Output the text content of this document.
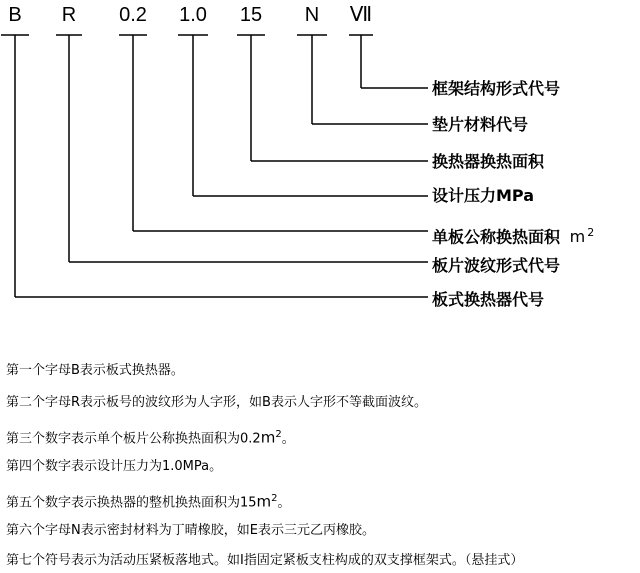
B R 0.2 1.0 15 N Ⅶ
框架结构形式代号
垫片材料代号
换热器换热面积
设计压力MPa
单板公称换热面积 m $^2$
板片波纹形式代号
板式换热器代号
第一个字母B表示板式换热器。
第二个字母R表示板号的波纹形为人字形，如B表示人字形不等截面波纹。
第三个数字表示单个板片公称换热面积为$0.2m^2$。
第四个数字表示设计压力为1.0MPa。
第五个数字表示换热器的整机换热面积为$15m^2$。
第六个字母N表示密封材料为丁晴橡胶，如E表示三元乙丙橡胶。
第七个符号表示为活动压紧板落地式。如Ⅰ指固定紧板支柱构成的双支撑框架式。（悬挂式）
